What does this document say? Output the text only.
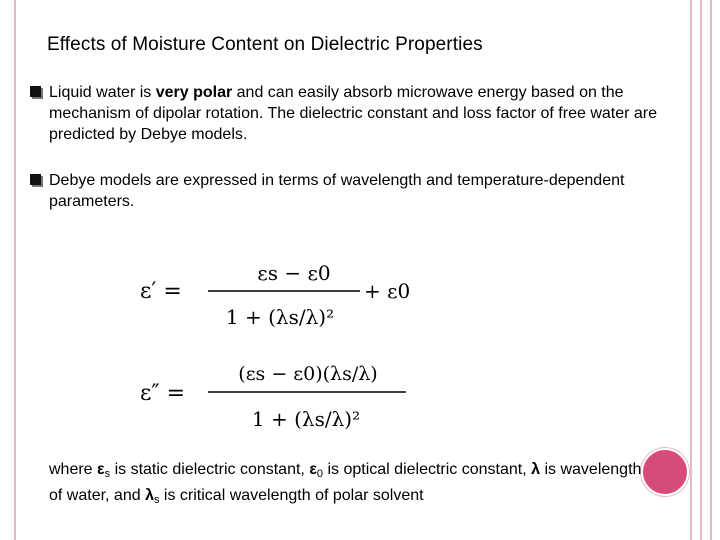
Effects of Moisture Content on Dielectric Properties
Liquid water is very polar and can easily absorb microwave energy based on the mechanism of dipolar rotation. The dielectric constant and loss factor of free water are predicted by Debye models.
Debye models are expressed in terms of wavelength and temperature-dependent parameters.
ε′ =
εs − ε0
1 + (λs/λ)²
+ ε0
ε″ =
(εs − ε0)(λs/λ)
1 + (λs/λ)²
where $\varepsilon_s$ is static dielectric constant, $\varepsilon_0$ is optical dielectric constant, λ is wavelength of water, and $\lambda_s$ is critical wavelength of polar solvent
